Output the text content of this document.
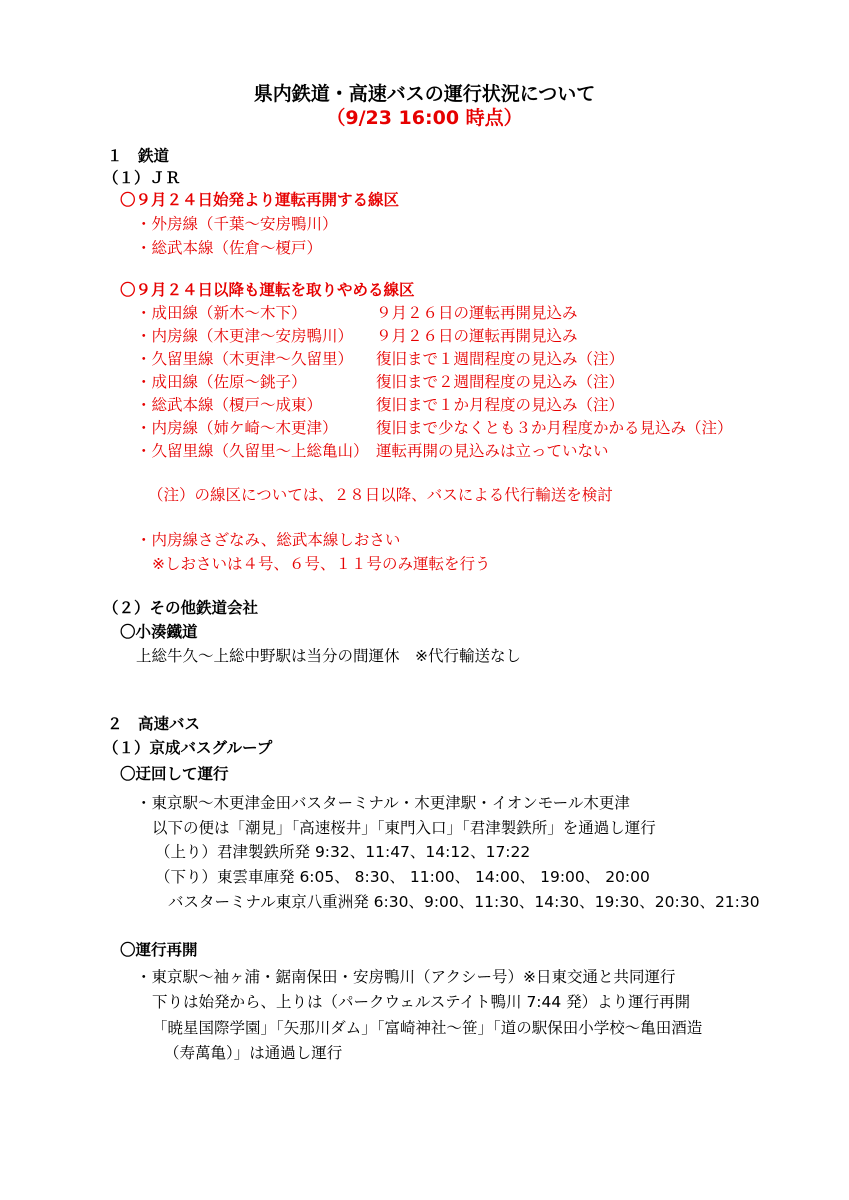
県内鉄道・高速バスの運行状況について

（9/23 16:00 時点）

１　鉄道

（１）ＪＲ

〇９月２４日始発より運転再開する線区

・外房線（千葉～安房鴨川）

・総武本線（佐倉～榎戸）

〇９月２４日以降も運転を取りやめる線区

・成田線（新木～木下）	９月２６日の運転再開見込み

・内房線（木更津～安房鴨川） ９月２６日の運転再開見込み

・久留里線（木更津～久留里） 復旧まで１週間程度の見込み（注）

・成田線（佐原～銚子）	復旧まで２週間程度の見込み（注）

・総武本線（榎戸～成東）	復旧まで１か月程度の見込み（注）

・内房線（姉ケ崎～木更津） 復旧まで少なくとも３か月程度かかる見込み（注）

・久留里線（久留里～上総亀山） 運転再開の見込みは立っていない

（注）の線区については、２８日以降、バスによる代行輸送を検討

・内房線さざなみ、総武本線しおさい

※しおさいは４号、６号、１１号のみ運転を行う

（２）その他鉄道会社

〇小湊鐵道

上総牛久～上総中野駅は当分の間運休　※代行輸送なし

２　高速バス

（１）京成バスグループ

〇迂回して運行

・東京駅～木更津金田バスターミナル・木更津駅・イオンモール木更津

以下の便は「潮見」「高速桜井」「東門入口」「君津製鉄所」を通過し運行

（上り）君津製鉄所発 9:32、11:47、14:12、17:22

（下り）東雲車庫発 6:05、 8:30、 11:00、 14:00、 19:00、 20:00

バスターミナル東京八重洲発 6:30、9:00、11:30、14:30、19:30、20:30、21:30

〇運行再開

・東京駅～袖ヶ浦・鋸南保田・安房鴨川（アクシー号）※日東交通と共同運行

下りは始発から、上りは（パークウェルステイト鴨川 7:44 発）より運行再開

「暁星国際学園」「矢那川ダム」「富崎神社～笹」「道の駅保田小学校～亀田酒造

（寿萬亀）」は通過し運行
